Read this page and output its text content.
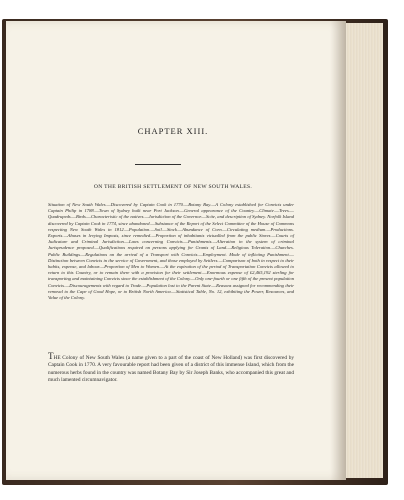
CHAPTER XIII.
ON THE BRITISH SETTLEMENT OF NEW SOUTH WALES.
Situation of New South Wales.—Discovered by Captain Cook in 1770.—Botany Bay.—A Colony established for Convicts under Captain Philip in 1788.—Town of Sydney built near Port Jackson.—General appearance of the Country.—Climate.—Trees.—Quadrupeds.—Birds.—Characteristic of the natives.—Jurisdiction of the Governor.—Scite, and description of Sydney. Norfolk Island discovered by Captain Cook in 1774, since abandoned.—Substance of the Report of the Select Committee of the House of Commons respecting New South Wales in 1812.—Population.—Soil.—Stock.—Abundance of Corn.—Circulating medium.—Productions. Exports.—Abuses in levying Imposts, since remedied.—Proportion of inhabitants victualled from the public Stores.—Courts of Judicature and Criminal Jurisdiction.—Laws concerning Convicts.—Punishments.—Alteration in the system of criminal Jurisprudence proposed.—Qualifications required on persons applying for Grants of Land.—Religious Toleration.—Churches. Public Buildings.—Regulations on the arrival of a Transport with Convicts.—Employment. Mode of inflicting Punishment.—Distinction between Convicts in the service of Government, and those employed by Settlers.—Comparison of both in respect to their habits, expense, and labour.—Proportion of Men to Women.—At the expiration of the period of Transportation Convicts allowed to return to this Country, or to remain there with a provision for their settlement.—Enormous expense of £2,465,192 sterling for transporting and maintaining Convicts since the establishment of the Colony.—Only one-fourth or one fifth of the present population Convicts.—Discouragements with regard to Trade.—Population lost to the Parent State.—Reasons assigned for recommending their removal to the Cape of Good Hope, or to British North America.—Statistical Table, No. 12, exhibiting the Power, Resources, and Value of the Colony.
THE Colony of New South Wales (a name given to a part of the coast of New Holland) was first discovered by Captain Cook in 1770. A very favourable report had been given of a district of this immense Island, which from the numerous herbs found in the country was named Botany Bay by Sir Joseph Banks, who accompanied this great and much lamented circumnavigator.
